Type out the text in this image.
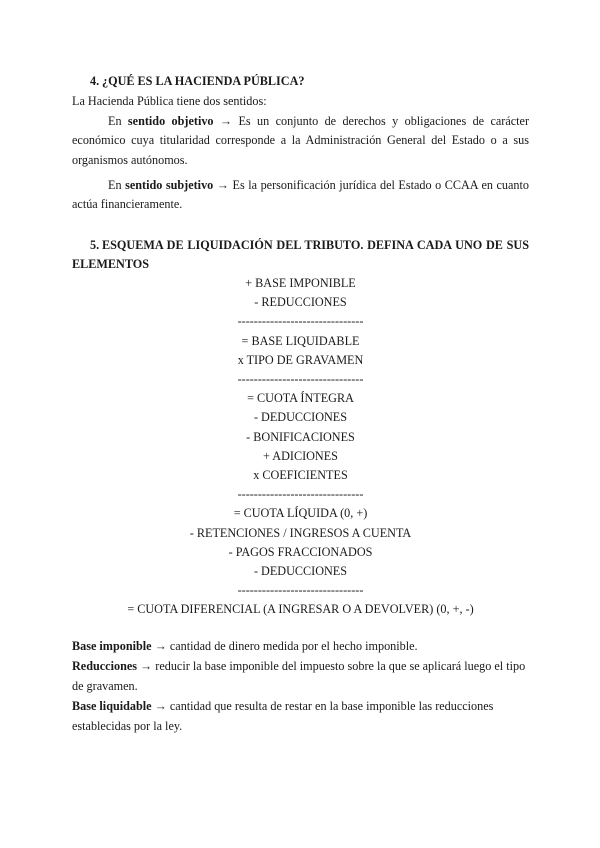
4. ¿QUÉ ES LA HACIENDA PÚBLICA?

La Hacienda Pública tiene dos sentidos:

En sentido objetivo → Es un conjunto de derechos y obligaciones de carácter económico cuya titularidad corresponde a la Administración General del Estado o a sus organismos autónomos.

En sentido subjetivo → Es la personificación jurídica del Estado o CCAA en cuanto actúa financieramente.

5. ESQUEMA DE LIQUIDACIÓN DEL TRIBUTO. DEFINA CADA UNO DE SUS ELEMENTOS
+ BASE IMPONIBLE
- REDUCCIONES
-------------------------------
= BASE LIQUIDABLE
x TIPO DE GRAVAMEN
-------------------------------
= CUOTA ÍNTEGRA
- DEDUCCIONES
- BONIFICACIONES
+ ADICIONES
x COEFICIENTES
-------------------------------
= CUOTA LÍQUIDA (0, +)
- RETENCIONES / INGRESOS A CUENTA
- PAGOS FRACCIONADOS
- DEDUCCIONES
-------------------------------
= CUOTA DIFERENCIAL (A INGRESAR O A DEVOLVER) (0, +, -)

Base imponible → cantidad de dinero medida por el hecho imponible.

Reducciones → reducir la base imponible del impuesto sobre la que se aplicará luego el tipo de gravamen.

Base liquidable → cantidad que resulta de restar en la base imponible las reducciones establecidas por la ley.
